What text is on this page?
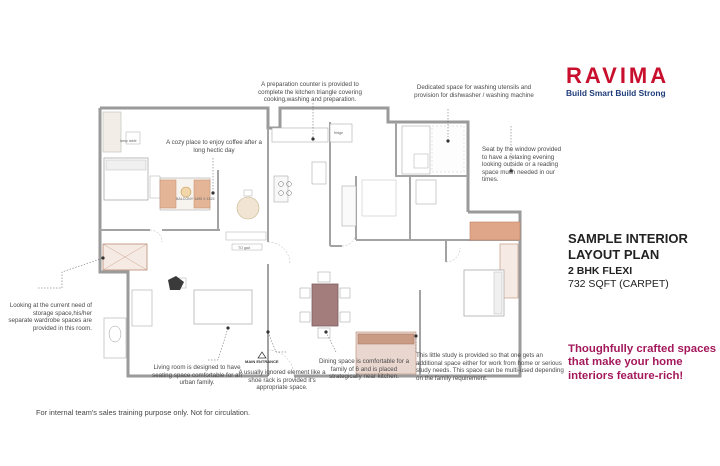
lamp table
BALCONY 1495 X 1525
fridge
TO gad
MAIN ENTRANCE
A cozy place to enjoy coffee after a long hectic day
A preparation counter is provided to complete the kitchen triangle covering cooking,washing and preparation.
Dedicated space for washing utensils and provision for dishwasher / washing machine
Seat by the window provided to have a relaxing evening looking outside or a reading space much needed in our times.
Looking at the current need of storage space,his/her separate wardrobe spaces are provided in this room.
Living room is designed to have seating space comfortable for an urban family.
A usually ignored element like a shoe rack is provided it's appropriate space.
Dining space is comfortable for a family of 6 and is placed strategically near kitchen.
This little study is provided so that one gets an additional space either for work from home or serious study needs. This space can be multi-used depending on the family requirement.
RAVIMA
Build Smart Build Strong
SAMPLE INTERIOR
LAYOUT PLAN
2 BHK FLEXI
732 SQFT (CARPET)
Thoughfully crafted spaces that make your home interiors feature-rich!
For internal team's sales training purpose only. Not for circulation.
